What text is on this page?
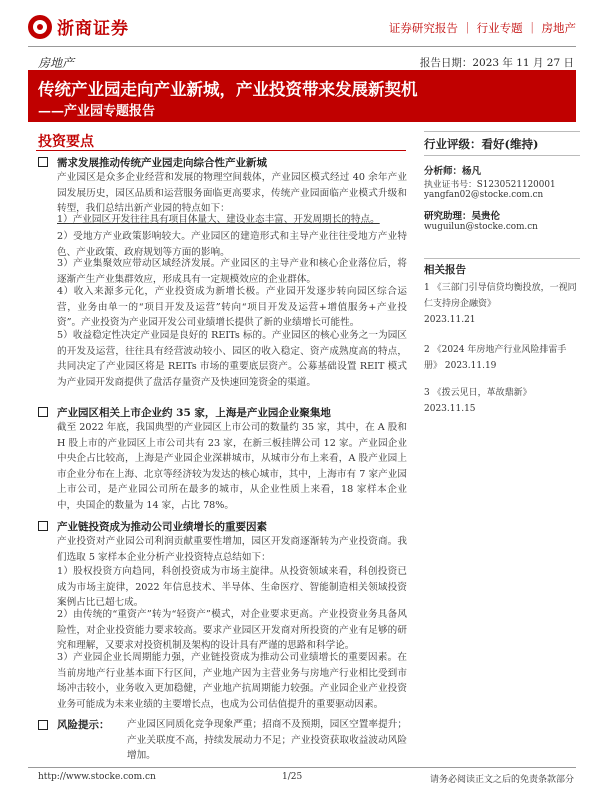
浙商证券	证券研究报告 ｜ 行业专题 ｜ 房地产
房地产	报告日期：2023 年 11 月 27 日
传统产业园走向产业新城，产业投资带来发展新契机
——产业园专题报告
投资要点
需求发展推动传统产业园走向综合性产业新城
产业园区是众多企业经营和发展的物理空间载体，产业园区模式经过 40 余年产业园发展历史，园区品质和运营服务面临更高要求，传统产业园面临产业模式升级和转型，我们总结出新产业园的特点如下：
1）产业园区开发往往具有项目体量大、建设业态丰富、开发周期长的特点。
2）受地方产业政策影响较大。产业园区的建造形式和主导产业往往受地方产业特色、产业政策、政府规划等方面的影响。
3）产业集聚效应带动区域经济发展。产业园区的主导产业和核心企业落位后，将逐渐产生产业集群效应，形成具有一定规模效应的企业群体。
4）收入来源多元化，产业投资成为新增长极。产业园开发逐步转向园区综合运营，业务由单一的“项目开发及运营”转向“项目开发及运营+增值服务+产业投资”。产业投资为产业园开发公司业绩增长提供了新的业绩增长可能性。
5）收益稳定性决定产业园是良好的 REITs 标的。产业园区的核心业务之一为园区的开发及运营，往往具有经营波动较小、园区的收入稳定、资产成熟度高的特点，共同决定了产业园区将是 REITs 市场的重要底层资产。公募基础设置 REIT 模式为产业园开发商提供了盘活存量资产及快速回笼资金的渠道。
产业园区相关上市企业约 35 家，上海是产业园企业聚集地
截至 2022 年底，我国典型的产业园区上市公司的数量约 35 家，其中，在 A 股和 H 股上市的产业园区上市公司共有 23 家，在新三板挂牌公司 12 家。产业园企业中央企占比较高，上海是产业园企业深耕城市，从城市分布上来看，A 股产业园上市企业分布在上海、北京等经济较为发达的核心城市，其中，上海市有 7 家产业园上市公司，是产业园公司所在最多的城市，从企业性质上来看，18 家样本企业中，央国企的数量为 14 家，占比 78%。
产业链投资成为推动公司业绩增长的重要因素
产业投资对产业园公司利润贡献重要性增加，园区开发商逐渐转为产业投资商。我们选取 5 家样本企业分析产业投资特点总结如下：
1）股权投资方向趋同，科创投资成为市场主旋律。从投资领域来看，科创投资已成为市场主旋律，2022 年信息技术、半导体、生命医疗、智能制造相关领域投资案例占比已超七成。
2）由传统的“重资产”转为“轻资产”模式，对企业要求更高。产业投资业务具备风险性，对企业投资能力要求较高。要求产业园区开发商对所投资的产业有足够的研究和理解，又要求对投资机制及架构的设计具有严谨的思路和科学论。
3）产业园企业长周期能力强，产业链投资成为推动公司业绩增长的重要因素。在当前房地产行业基本面下行区间，产业地产因为主营业务与房地产行业相比受到市场冲击较小，业务收入更加稳健，产业地产抗周期能力较强。产业园企业产业投资业务可能成为未来业绩的主要增长点，也成为公司估值提升的重要驱动因素。
风险提示：	产业园区同质化竞争现象严重；招商不及预期，园区空置率提升；产业关联度不高，持续发展动力不足；产业投资获取收益波动风险增加。
行业评级：看好(维持)
分析师：杨凡
执业证书号：S1230521120001
yangfan02@stocke.com.cn
研究助理：吴贵伦
wuguilun@stocke.com.cn
相关报告
1 《三部门引导信贷均衡投放，一视同仁支持房企融资》
2023.11.21
2 《2024 年房地产行业风险排雷手册》 2023.11.19
3 《拨云见日，革故鼎新》
2023.11.15
http://www.stocke.com.cn	1/25	请务必阅读正文之后的免责条款部分
